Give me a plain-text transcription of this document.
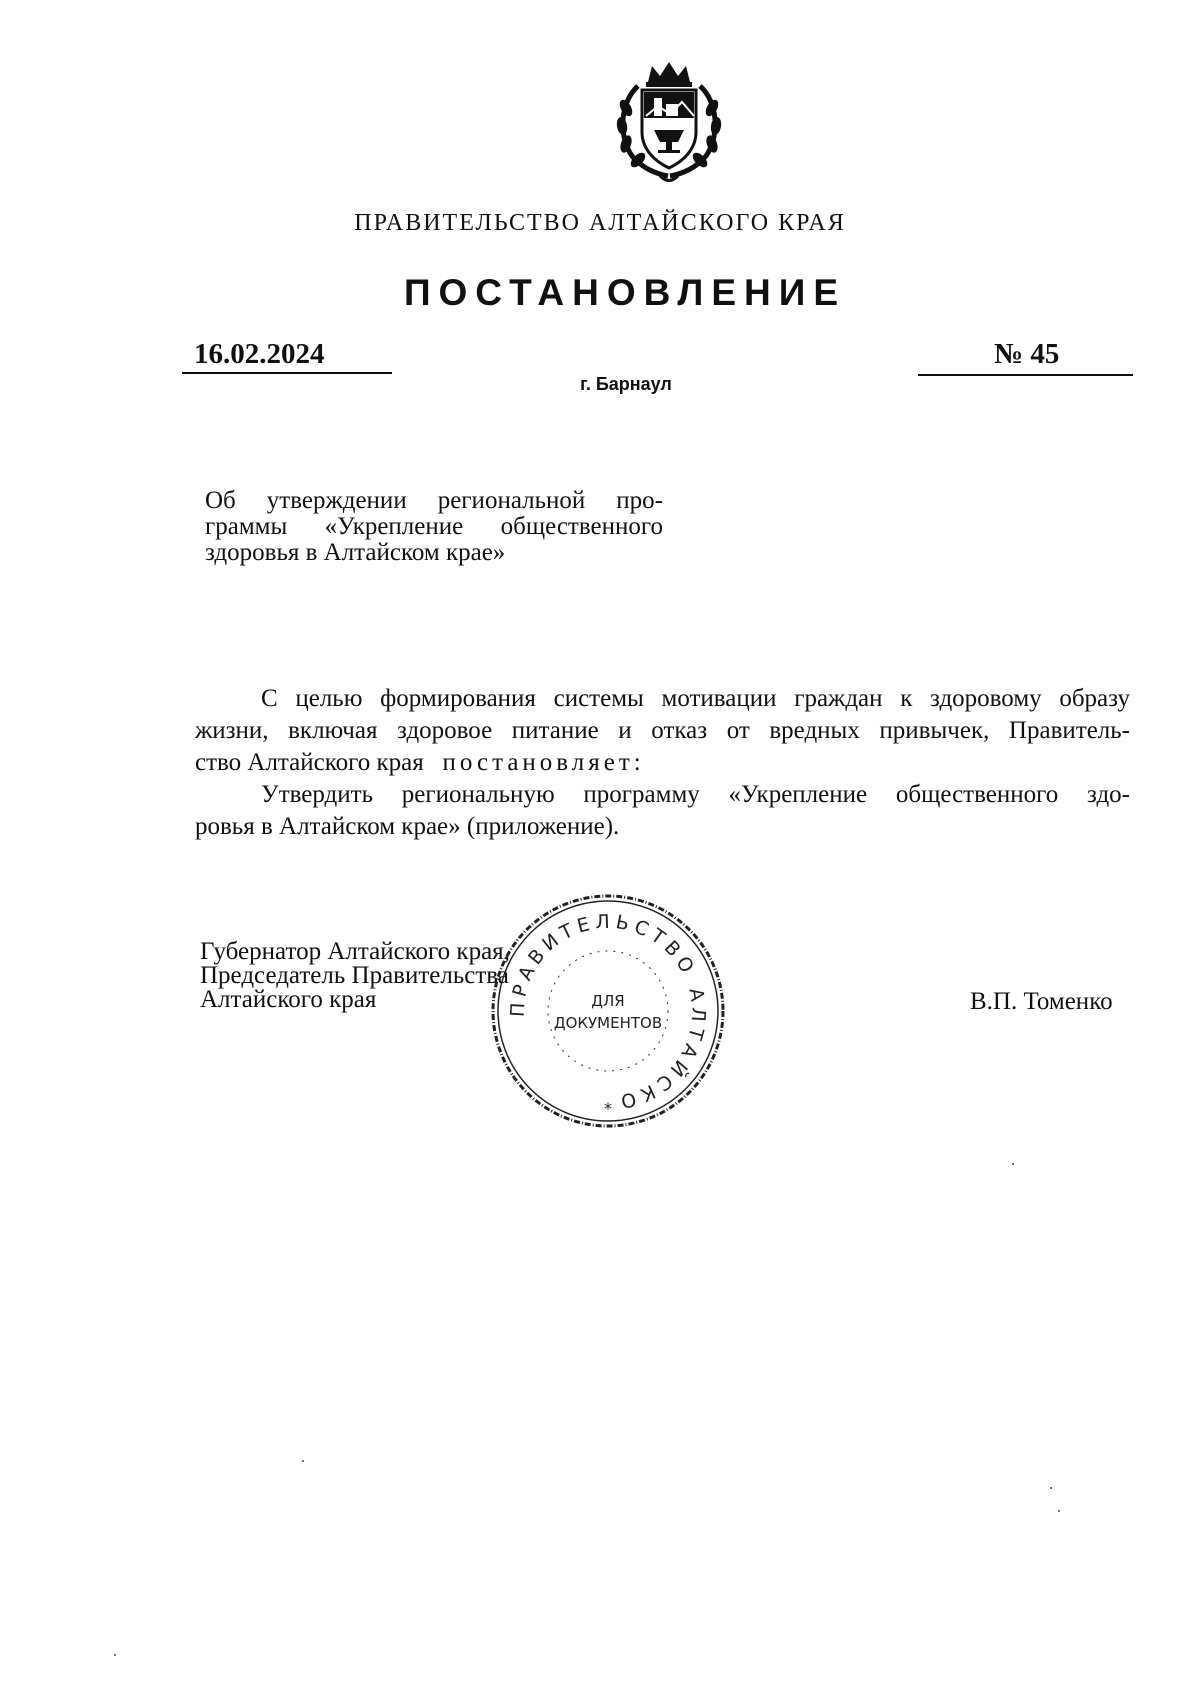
ПРАВИТЕЛЬСТВО АЛТАЙСКОГО КРАЯ
ПОСТАНОВЛЕНИЕ
16.02.2024	№ 45
г. Барнаул
Об утверждении региональной про-
граммы «Укрепление общественного
здоровья в Алтайском крае»
С целью формирования системы мотивации граждан к здоровому образу
жизни, включая здоровое питание и отказ от вредных привычек, Правитель-
ство Алтайского края постановляет:
Утвердить региональную программу «Укрепление общественного здо-
ровья в Алтайском крае» (приложение).
Губернатор Алтайского края,
Председатель Правительства
Алтайского края	В.П. Томенко
ПРАВИТЕЛЬСТВО АЛТАЙСКО
ДЛЯ
ДОКУМЕНТОВ
*
